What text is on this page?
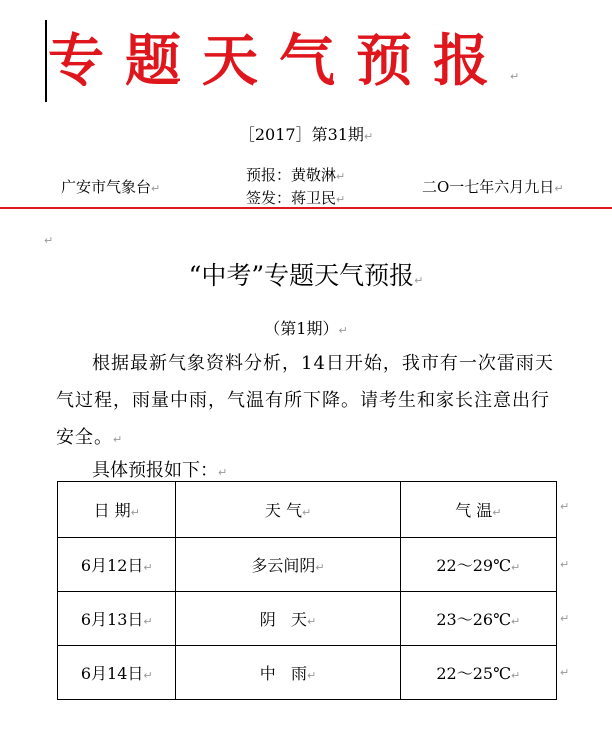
专题天气预报↵
［2017］第31期↵
广安市气象台↵
预报：黄敬淋↵
签发：蒋卫民↵
二O一七年六月九日↵
↵
“中考”专题天气预报↵
（第1期）↵

根据最新气象资料分析，14日开始，我市有一次雷雨天气过程，雨量中雨，气温有所下降。请考生和家长注意出行安全。↵

具体预报如下：↵
日 期↵	天 气↵	气 温↵
6月12日↵	多云间阴↵	22～29℃↵
6月13日↵	阴   天↵	23～26℃↵
6月14日↵	中   雨↵	22～25℃↵
↵
↵
↵
↵
